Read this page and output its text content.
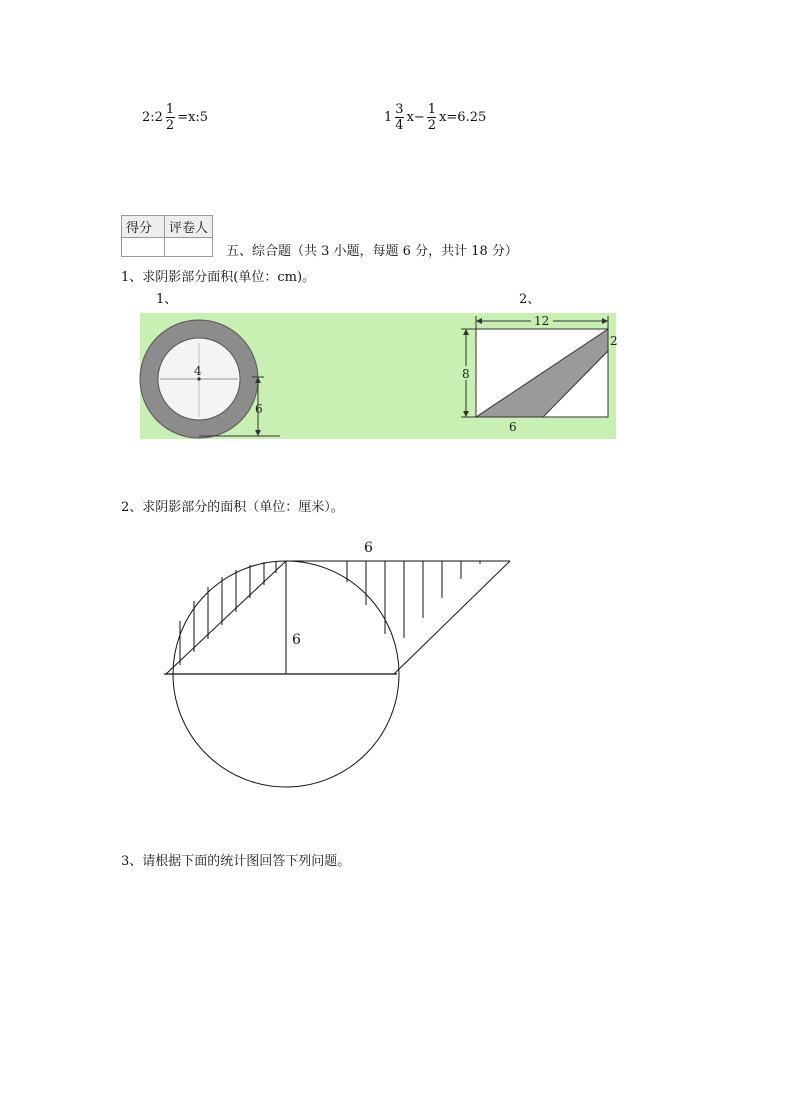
2:2 $\frac{1}{2}$ =x:5	$1 \frac{3}{4} x- \frac{1}{2} x=6.25$
得分	评卷人

五、综合题（共 3 小题，每题 6 分，共计 18 分）
1、求阴影部分面积(单位：cm)。
1、	2、
4
6
12
2
8
6
2、求阴影部分的面积（单位：厘米）。
6
6
3、请根据下面的统计图回答下列问题。
